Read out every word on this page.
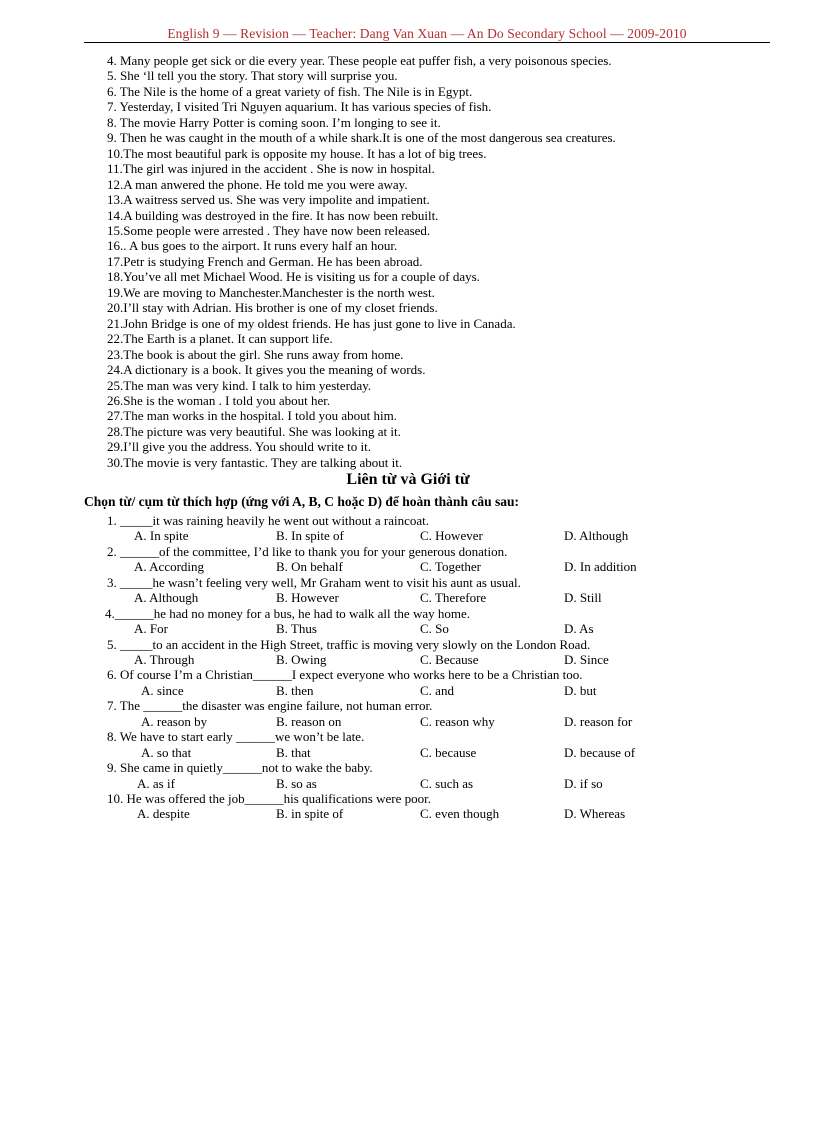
English 9 — Revision — Teacher: Dang Van Xuan — An Do Secondary School — 2009-2010
4. Many people get sick or die every year. These people eat puffer fish, a very poisonous species.
5. She ‘ll tell you the story. That story will surprise you.
6. The Nile is the home of a great variety of fish. The Nile is in Egypt.
7. Yesterday, I visited Tri Nguyen aquarium. It has various species of fish.
8. The movie Harry Potter is coming soon. I’m longing to see it.
9. Then he was caught in the mouth of a while shark.It is one of the most dangerous sea creatures.
10.The most beautiful park is opposite my house. It has a lot of big trees.
11.The girl was injured in the accident . She is now in hospital.
12.A man anwered the phone. He told me you were away.
13.A waitress served us. She was very impolite and impatient.
14.A building was destroyed in the fire. It has now been rebuilt.
15.Some people were arrested . They have now been released.
16.. A bus goes to the airport. It runs every half an hour.
17.Petr is studying French and German. He has been abroad.
18.You’ve all met Michael Wood. He is visiting us for a couple of days.
19.We are moving to Manchester.Manchester is the north west.
20.I’ll stay with Adrian. His brother is one of my closet friends.
21.John Bridge is one of my oldest friends. He has just gone to live in Canada.
22.The Earth is a planet. It can support life.
23.The book is about the girl. She runs away from home.
24.A dictionary is a book. It gives you the meaning of words.
25.The man was very kind. I talk to him yesterday.
26.She is the woman . I told you about her.
27.The man works in the hospital. I told you about him.
28.The picture was very beautiful. She was looking at it.
29.I’ll give you the address. You should write to it.
30.The movie is very fantastic. They are talking about it.
Liên từ và Giới từ
Chọn từ/ cụm từ thích hợp (ứng với A, B, C hoặc D) để hoàn thành câu sau:
1. _____it was raining heavily he went out without a raincoat.
A. In spite	B. In spite of	C. However	D. Although
2. ______of the committee, I’d like to thank you for your generous donation.
A. According	B. On behalf	C. Together	D. In addition
3. _____he wasn’t feeling very well, Mr Graham went to visit his aunt as usual.
A. Although	B. However	C. Therefore	D. Still
4.______he had no money for a bus, he had to walk all the way home.
A. For	B. Thus	C. So	D. As
5. _____to an accident in the High Street, traffic is moving very slowly on the London Road.
A. Through	B. Owing	C. Because	D. Since
6. Of course I’m a Christian______I expect everyone who works here to be a Christian too.
A. since	B. then	C. and	D. but
7. The ______the disaster was engine failure, not human error.
A. reason by	B. reason on	C. reason why	D. reason for
8. We have to start early ______we won’t be late.
A. so that	B. that	C. because	D. because of
9. She came in quietly______not to wake the baby.
A. as if	B. so as	C. such as	D. if so
10. He was offered the job______his qualifications were poor.
A. despite	B. in spite of	C. even though	D. Whereas
